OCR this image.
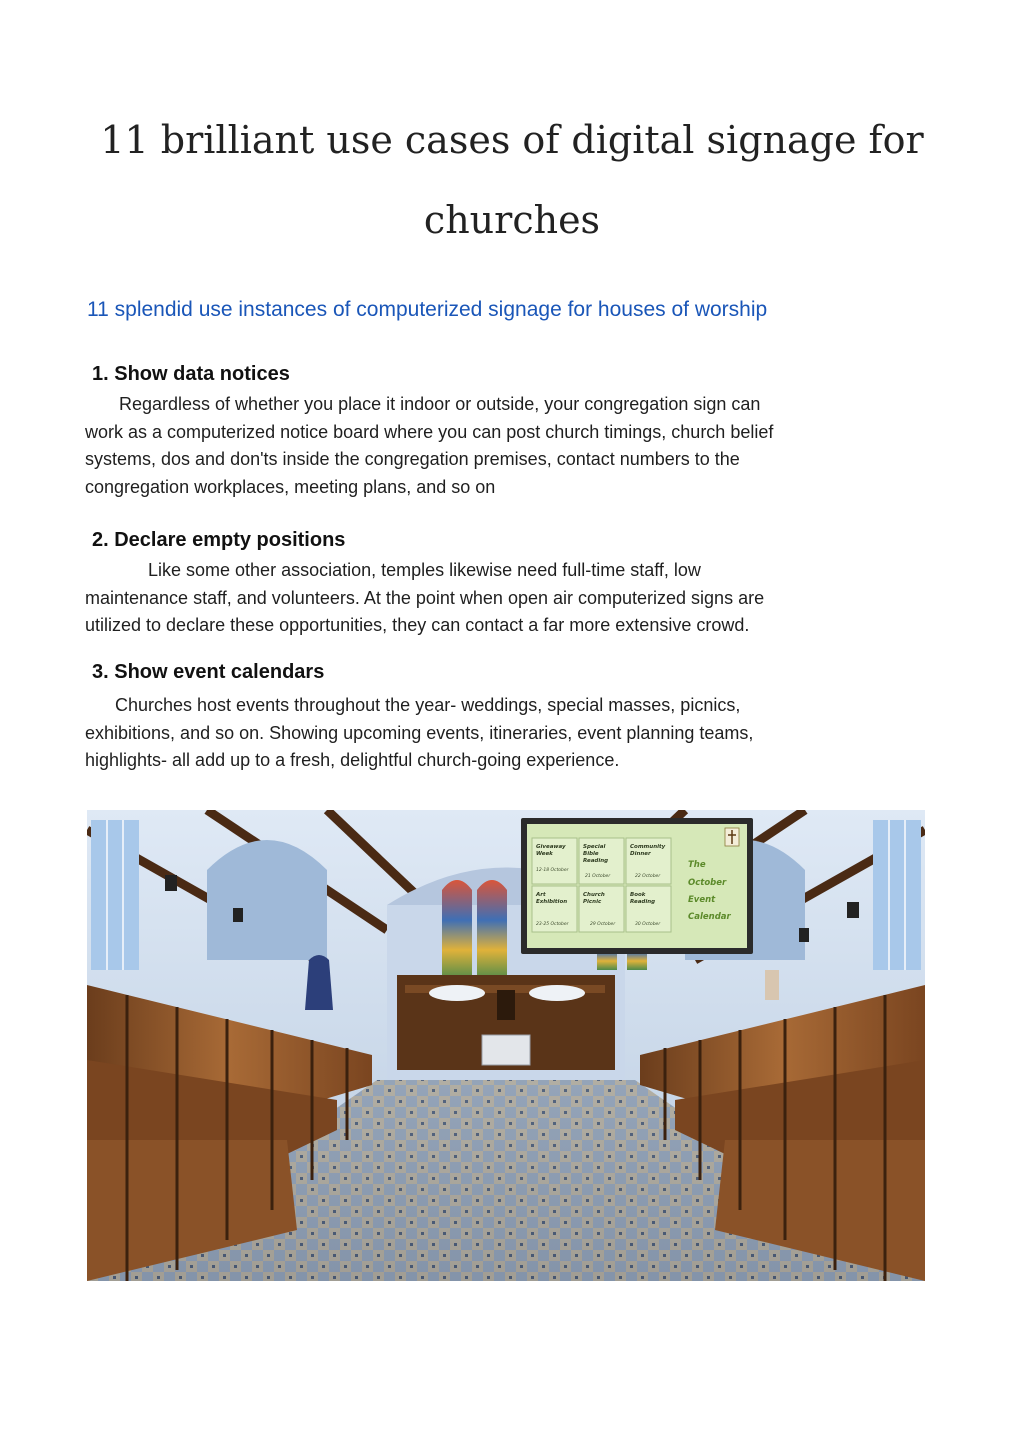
11 brilliant use cases of digital signage for
churches
11 splendid use instances of computerized signage for houses of worship
1. Show data notices

Regardless of whether you place it indoor or outside, your congregation sign can
work as a computerized notice board where you can post church timings, church belief
systems, dos and don'ts inside the congregation premises, contact numbers to the
congregation workplaces, meeting plans, and so on

2. Declare empty positions

Like some other association, temples likewise need full-time staff, low
maintenance staff, and volunteers. At the point when open air computerized signs are
utilized to declare these opportunities, they can contact a far more extensive crowd.

3. Show event calendars

Churches host events throughout the year- weddings, special masses, picnics,
exhibitions, and so on. Showing upcoming events, itineraries, event planning teams,
highlights- all add up to a fresh, delightful church-going experience.

Giveaway
Week
12-18 October
Special
Bible
Reading
21 October
Community
Dinner
22 October
Art
Exhibition
23-25 October
Church
Picnic
29 October
Book
Reading
30 October
The
October
Event
Calendar
